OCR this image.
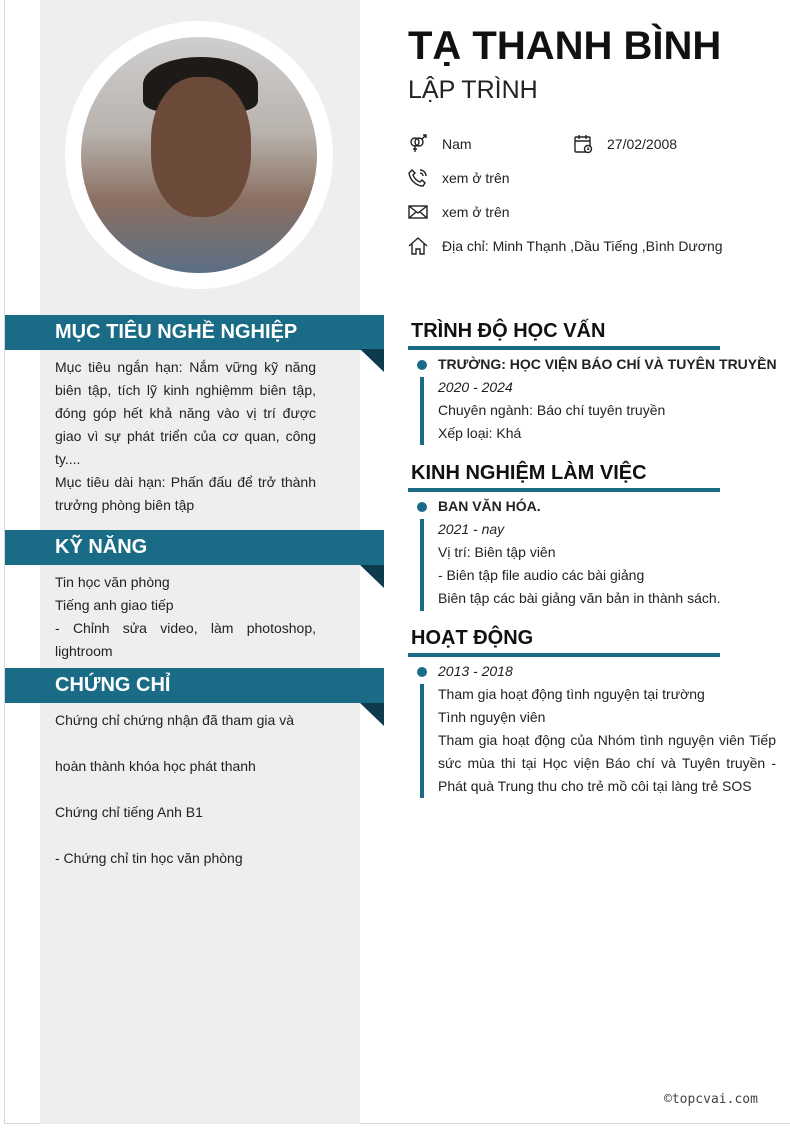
MỤC TIÊU NGHỀ NGHIỆP
Mục tiêu ngắn hạn: Nắm vững kỹ năng biên tập, tích lỹ kinh nghiệmm biên tập, đóng góp hết khả năng vào vị trí được giao vì sự phát triển của cơ quan, công ty....
Mục tiêu dài hạn: Phấn đấu để trở thành trưởng phòng biên tập
KỸ NĂNG
Tin học văn phòng
Tiếng anh giao tiếp
- Chỉnh sửa video, làm photoshop, lightroom
CHỨNG CHỈ
Chứng chỉ chứng nhận đã tham gia và
hoàn thành khóa học phát thanh
Chứng chỉ tiếng Anh B1
- Chứng chỉ tin học văn phòng
TẠ THANH BÌNH
LẬP TRÌNH
Nam	27/02/2008
xem ở trên
xem ở trên
Địa chỉ: Minh Thạnh ,Dầu Tiếng ,Bình Dương
TRÌNH ĐỘ HỌC VẤN
TRƯỜNG: HỌC VIỆN BÁO CHÍ VÀ TUYÊN TRUYỀN
2020 - 2024
Chuyên ngành: Báo chí tuyên truyền
Xếp loại: Khá
KINH NGHIỆM LÀM VIỆC
BAN VĂN HÓA.
2021 - nay
Vị trí: Biên tập viên
- Biên tập file audio các bài giảng
Biên tập các bài giảng văn bản in thành sách.
HOẠT ĐỘNG
2013 - 2018
Tham gia hoạt động tình nguyện tại trường
Tình nguyện viên
Tham gia hoạt động của Nhóm tình nguyện viên Tiếp sức mùa thi tại Học viện Báo chí và Tuyên truyền - Phát quà Trung thu cho trẻ mồ côi tại làng trẻ SOS
©topcvai.com
